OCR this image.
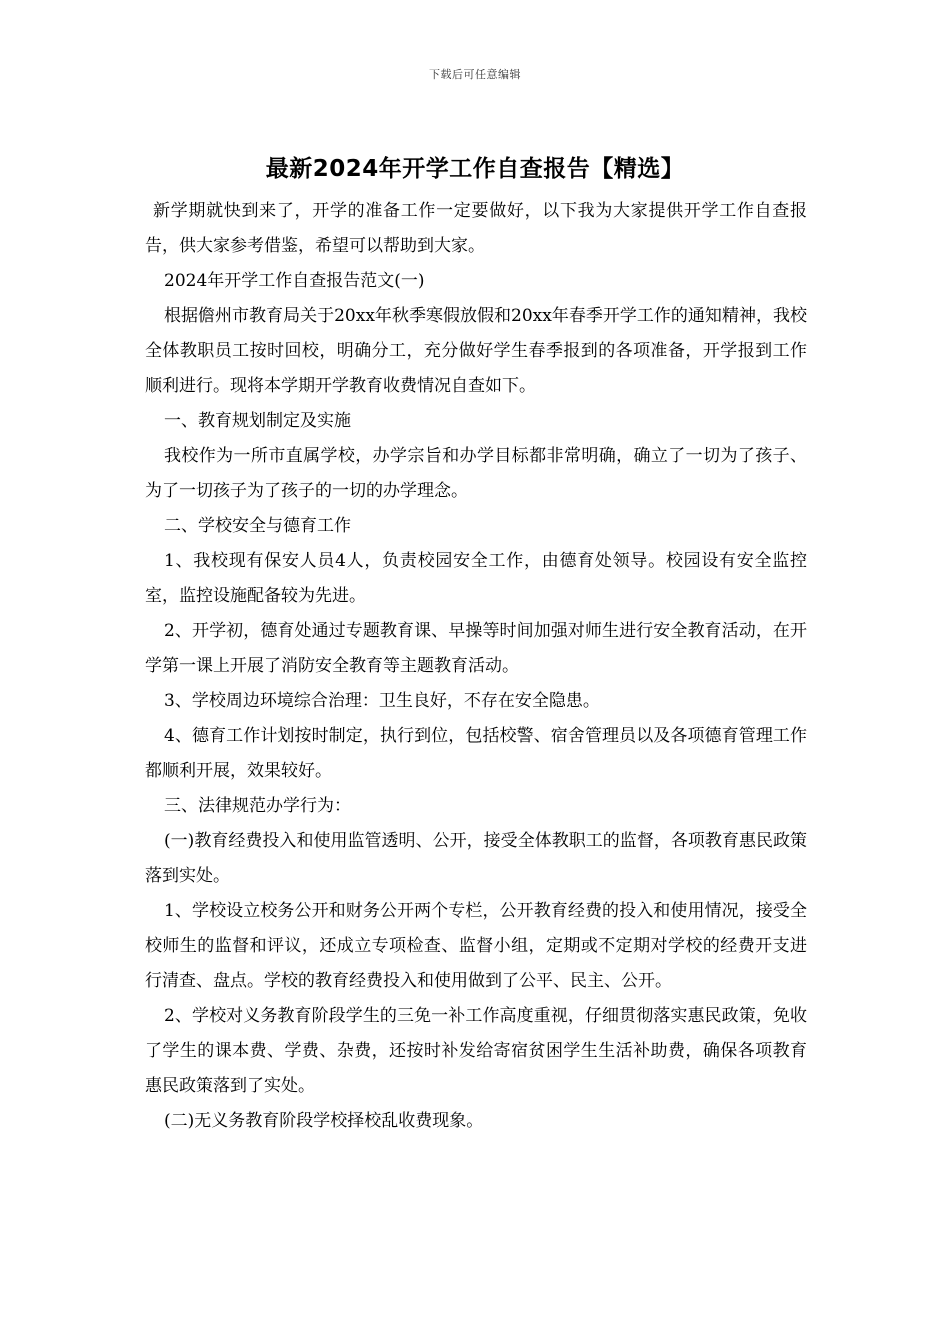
下载后可任意编辑
最新2024年开学工作自查报告【精选】

新学期就快到来了，开学的准备工作一定要做好，以下我为大家提供开学工作自查报告，供大家参考借鉴，希望可以帮助到大家。

2024年开学工作自查报告范文(一)

根据儋州市教育局关于20xx年秋季寒假放假和20xx年春季开学工作的通知精神，我校全体教职员工按时回校，明确分工，充分做好学生春季报到的各项准备，开学报到工作顺利进行。现将本学期开学教育收费情况自查如下。

一、教育规划制定及实施

我校作为一所市直属学校，办学宗旨和办学目标都非常明确，确立了一切为了孩子、为了一切孩子为了孩子的一切的办学理念。

二、学校安全与德育工作

1、我校现有保安人员4人，负责校园安全工作，由德育处领导。校园设有安全监控室，监控设施配备较为先进。

2、开学初，德育处通过专题教育课、早操等时间加强对师生进行安全教育活动，在开学第一课上开展了消防安全教育等主题教育活动。

3、学校周边环境综合治理：卫生良好，不存在安全隐患。

4、德育工作计划按时制定，执行到位，包括校警、宿舍管理员以及各项德育管理工作都顺利开展，效果较好。

三、法律规范办学行为：

(一)教育经费投入和使用监管透明、公开，接受全体教职工的监督，各项教育惠民政策落到实处。

1、学校设立校务公开和财务公开两个专栏，公开教育经费的投入和使用情况，接受全校师生的监督和评议，还成立专项检查、监督小组，定期或不定期对学校的经费开支进行清查、盘点。学校的教育经费投入和使用做到了公平、民主、公开。

2、学校对义务教育阶段学生的三免一补工作高度重视，仔细贯彻落实惠民政策，免收了学生的课本费、学费、杂费，还按时补发给寄宿贫困学生生活补助费，确保各项教育惠民政策落到了实处。

(二)无义务教育阶段学校择校乱收费现象。
